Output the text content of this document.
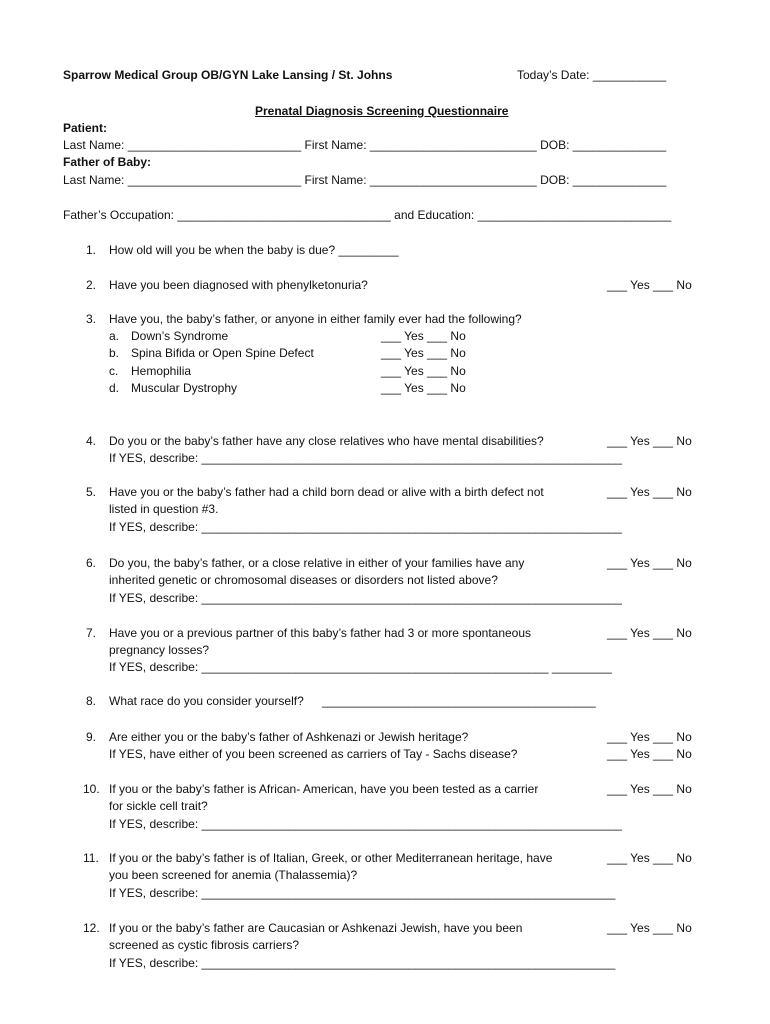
Sparrow Medical Group OB/GYN Lake Lansing / St. Johns	Today’s Date: ___________
Prenatal Diagnosis Screening Questionnaire
Patient:
Last Name: __________________________ First Name: _________________________ DOB: ______________
Father of Baby:
Last Name: __________________________ First Name: _________________________ DOB: ______________
Father’s Occupation: ________________________________ and Education: _____________________________
1. How old will you be when the baby is due? _________
2. Have you been diagnosed with phenylketonuria?	___ Yes ___ No
3. Have you, the baby’s father, or anyone in either family ever had the following?
a. Down’s Syndrome	___ Yes ___ No
b. Spina Bifida or Open Spine Defect	___ Yes ___ No
c. Hemophilia	___ Yes ___ No
d. Muscular Dystrophy	___ Yes ___ No
4. Do you or the baby’s father have any close relatives who have mental disabilities?	___ Yes ___ No
If YES, describe: _______________________________________________________________
5. Have you or the baby’s father had a child born dead or alive with a birth defect not	___ Yes ___ No
listed in question #3.
If YES, describe: _______________________________________________________________
6. Do you, the baby’s father, or a close relative in either of your families have any	___ Yes ___ No
inherited genetic or chromosomal diseases or disorders not listed above?
If YES, describe: _______________________________________________________________
7. Have you or a previous partner of this baby’s father had 3 or more spontaneous	___ Yes ___ No
pregnancy losses?
If YES, describe: ____________________________________________________ _________
8. What race do you consider yourself? _________________________________________
9. Are either you or the baby’s father of Ashkenazi or Jewish heritage?	___ Yes ___ No
If YES, have either of you been screened as carriers of Tay - Sachs disease?	___ Yes ___ No
10. If you or the baby’s father is African- American, have you been tested as a carrier	___ Yes ___ No
for sickle cell trait?
If YES, describe: _______________________________________________________________
11. If you or the baby’s father is of Italian, Greek, or other Mediterranean heritage, have	___ Yes ___ No
you been screened for anemia (Thalassemia)?
If YES, describe: ______________________________________________________________
12. If you or the baby’s father are Caucasian or Ashkenazi Jewish, have you been	___ Yes ___ No
screened as cystic fibrosis carriers?
If YES, describe: ______________________________________________________________
